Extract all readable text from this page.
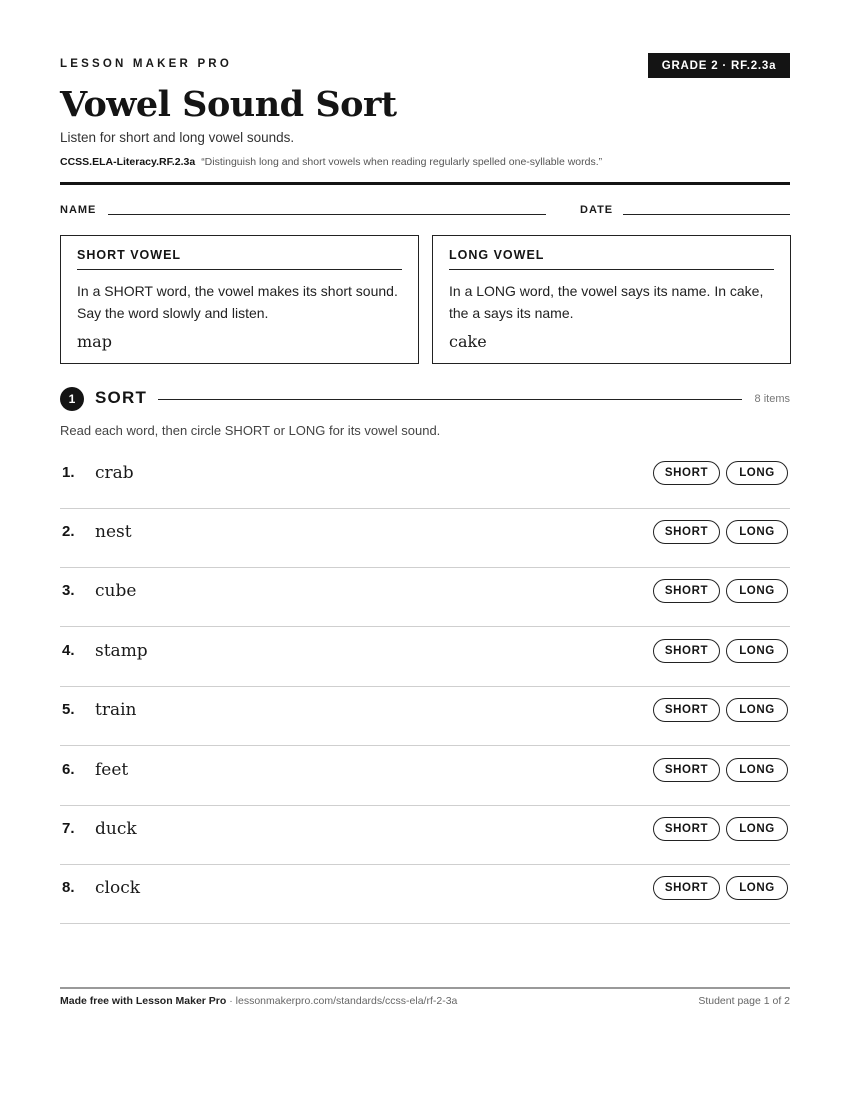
LESSON MAKER PRO	GRADE 2 · RF.2.3a
Vowel Sound Sort
Listen for short and long vowel sounds.
CCSS.ELA-Literacy.RF.2.3a “Distinguish long and short vowels when reading regularly spelled one-syllable words.”
NAME	DATE
SHORT VOWEL
In a SHORT word, the vowel makes its short sound. Say the word slowly and listen.
map
LONG VOWEL
In a LONG word, the vowel says its name. In cake, the a says its name.
cake
1	SORT	8 items
Read each word, then circle SHORT or LONG for its vowel sound.
1. crab	SHORT	LONG
2. nest	SHORT	LONG
3. cube	SHORT	LONG
4. stamp	SHORT	LONG
5. train	SHORT	LONG
6. feet	SHORT	LONG
7. duck	SHORT	LONG
8. clock	SHORT	LONG
Made free with Lesson Maker Pro · lessonmakerpro.com/standards/ccss-ela/rf-2-3a	Student page 1 of 2
